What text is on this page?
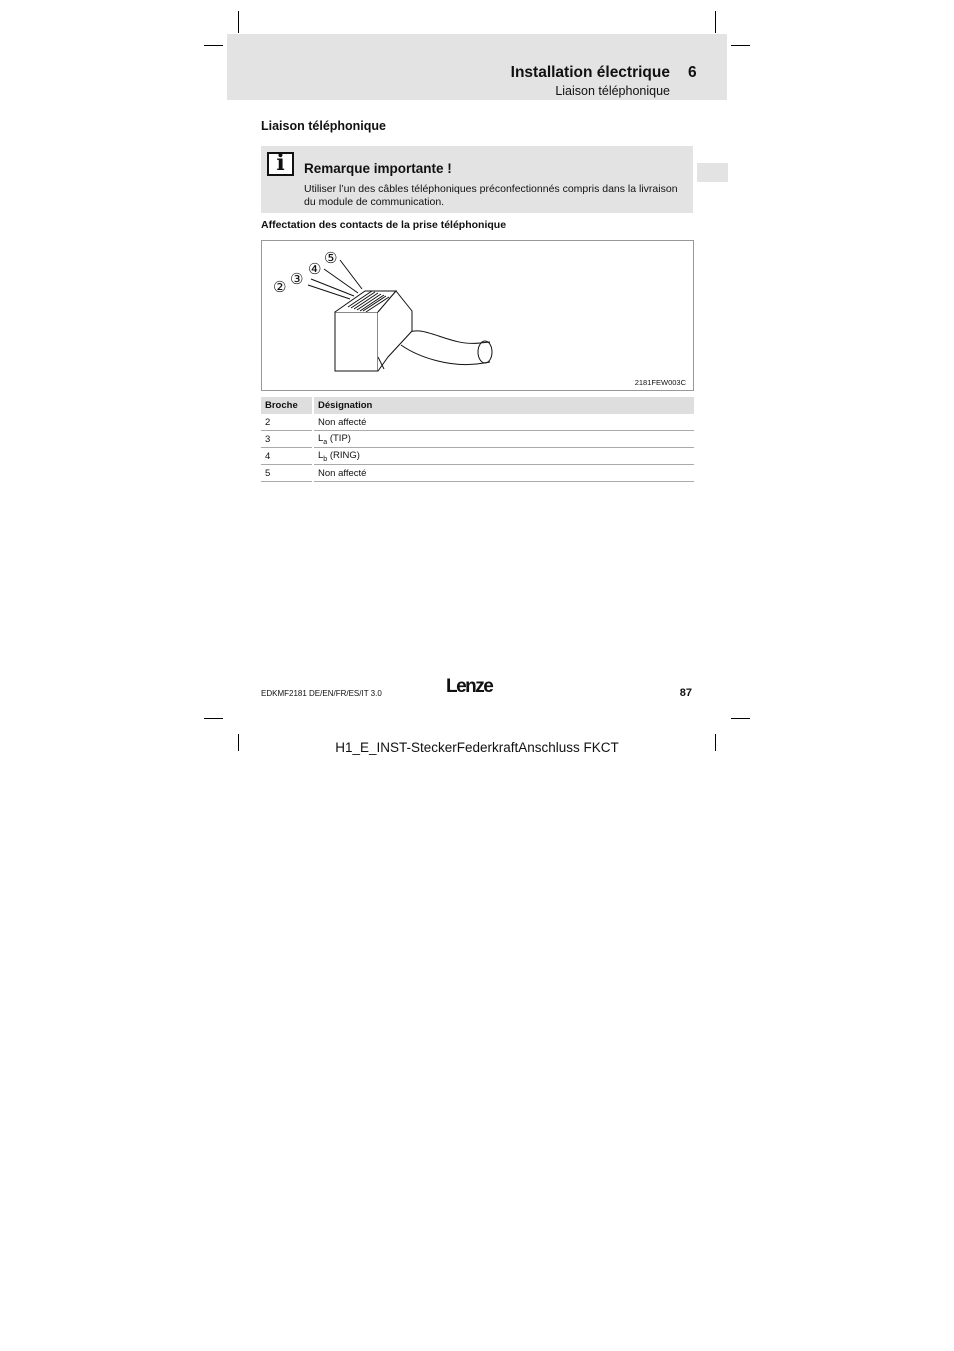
Installation électrique 6
Liaison téléphonique
Liaison téléphonique
i	Remarque importante !
Utiliser l’un des câbles téléphoniques préconfectionnés compris dans la livraison du module de communication.
Affectation des contacts de la prise téléphonique
② ③
④
⑤
2181FEW003C
Broche	Désignation
2	Non affecté
3	$L_a$ (TIP)
4	$L_b$ (RING)
5	Non affecté
EDKMF2181 DE/EN/FR/ES/IT 3.0	Lenze	87
H1_E_INST-SteckerFederkraftAnschluss FKCT
